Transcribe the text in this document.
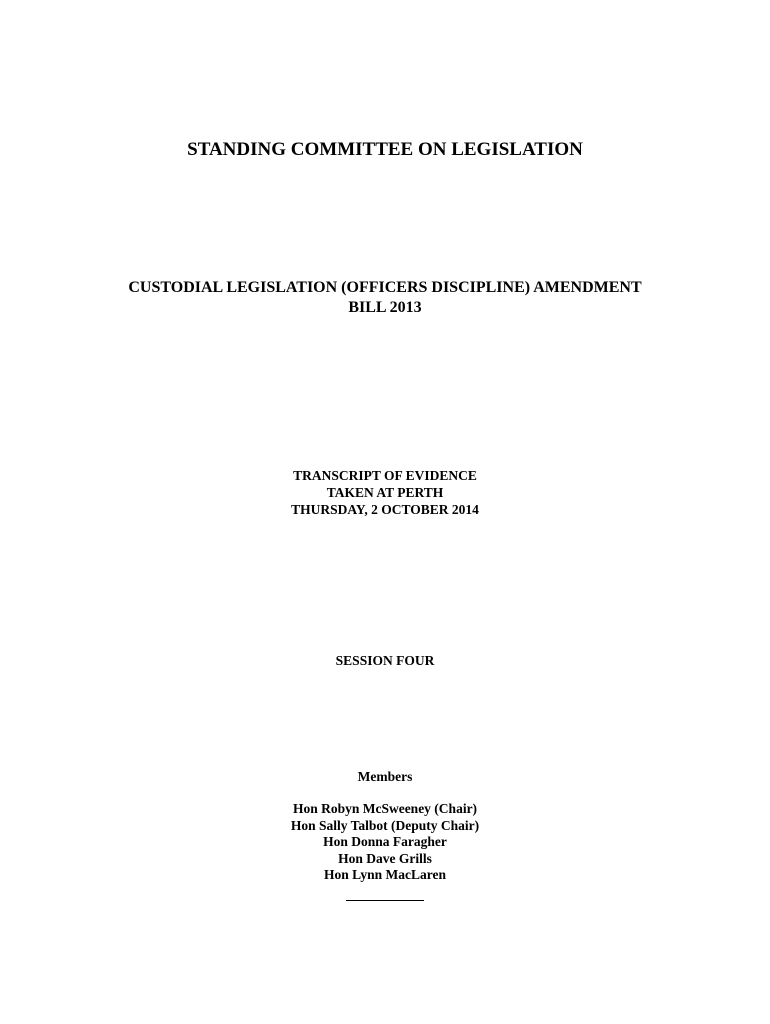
STANDING COMMITTEE ON LEGISLATION
CUSTODIAL LEGISLATION (OFFICERS DISCIPLINE) AMENDMENT
BILL 2013
TRANSCRIPT OF EVIDENCE
TAKEN AT PERTH
THURSDAY, 2 OCTOBER 2014
SESSION FOUR
Members
Hon Robyn McSweeney (Chair)
Hon Sally Talbot (Deputy Chair)
Hon Donna Faragher
Hon Dave Grills
Hon Lynn MacLaren
